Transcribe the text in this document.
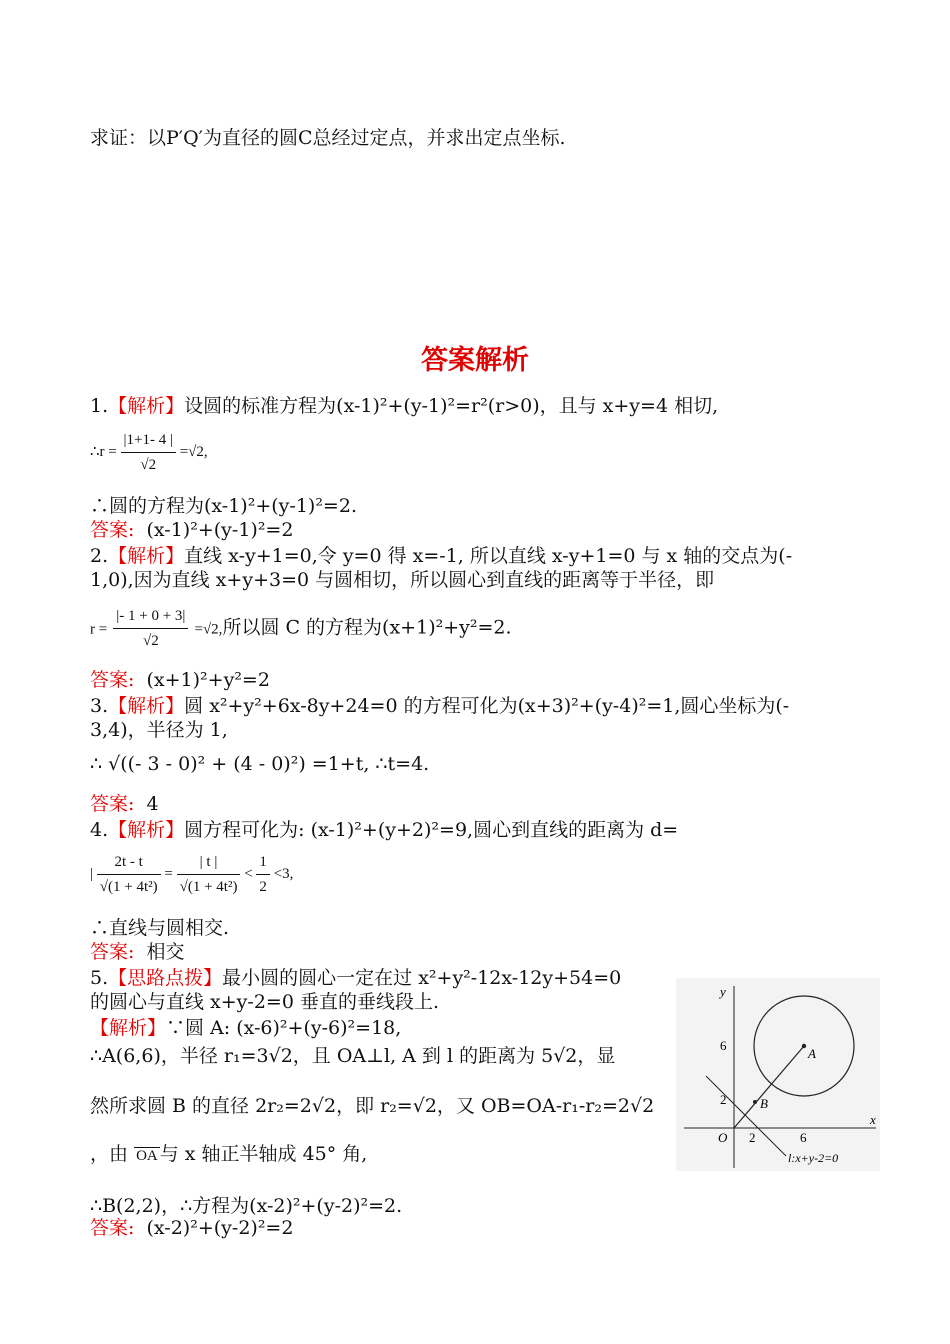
求证：以P′Q′为直径的圆C总经过定点，并求出定点坐标.
答案解析
1.【解析】设圆的标准方程为(x-1)²+(y-1)²=r²(r>0)，且与 x+y=4 相切,
∴r = $\frac{|1+1- 4 |}{√2} =√2$,
∴圆的方程为(x-1)²+(y-1)²=2.
答案: (x-1)²+(y-1)²=2
2.【解析】直线 x-y+1=0,令 y=0 得 x=-1, 所以直线 x-y+1=0 与 x 轴的交点为(-
1,0),因为直线 x+y+3=0 与圆相切，所以圆心到直线的距离等于半径，即
$r = \frac{|- 1 + 0 + 3|}{√2} =√2$,所以圆 C 的方程为(x+1)²+y²=2.
答案: (x+1)²+y²=2
3.【解析】圆 x²+y²+6x-8y+24=0 的方程可化为(x+3)²+(y-4)²=1,圆心坐标为(-
3,4)，半径为 1,
∴ √((- 3 - 0)² + (4 - 0)²) =1+t, ∴t=4.
答案: 4
4.【解析】圆方程可化为: (x-1)²+(y+2)²=9,圆心到直线的距离为 d=
| $\frac{2t - t}{\text{√(1 + 4t²)}} = \frac{| t |}{\text{√(1 + 4t²)}} < \frac{1}{2} <3$,
∴直线与圆相交.
答案: 相交
5.【思路点拨】最小圆的圆心一定在过 x²+y²-12x-12y+54=0
的圆心与直线 x+y-2=0 垂直的垂线段上.
【解析】∵圆 A: (x-6)²+(y-6)²=18,
∴A(6,6)，半径 r₁=3√2，且 OA⊥l, A 到 l 的距离为 5√2，显
然所求圆 B 的直径 2r₂=2√2，即 r₂=√2，又 OB=OA-r₁-r₂=2√2
，由 OA 与 x 轴正半轴成 45° 角,
∴B(2,2)，∴方程为(x-2)²+(y-2)²=2.
答案: (x-2)²+(y-2)²=2
y
x
O
6
2
2	6
A
B
l:x+y-2=0
